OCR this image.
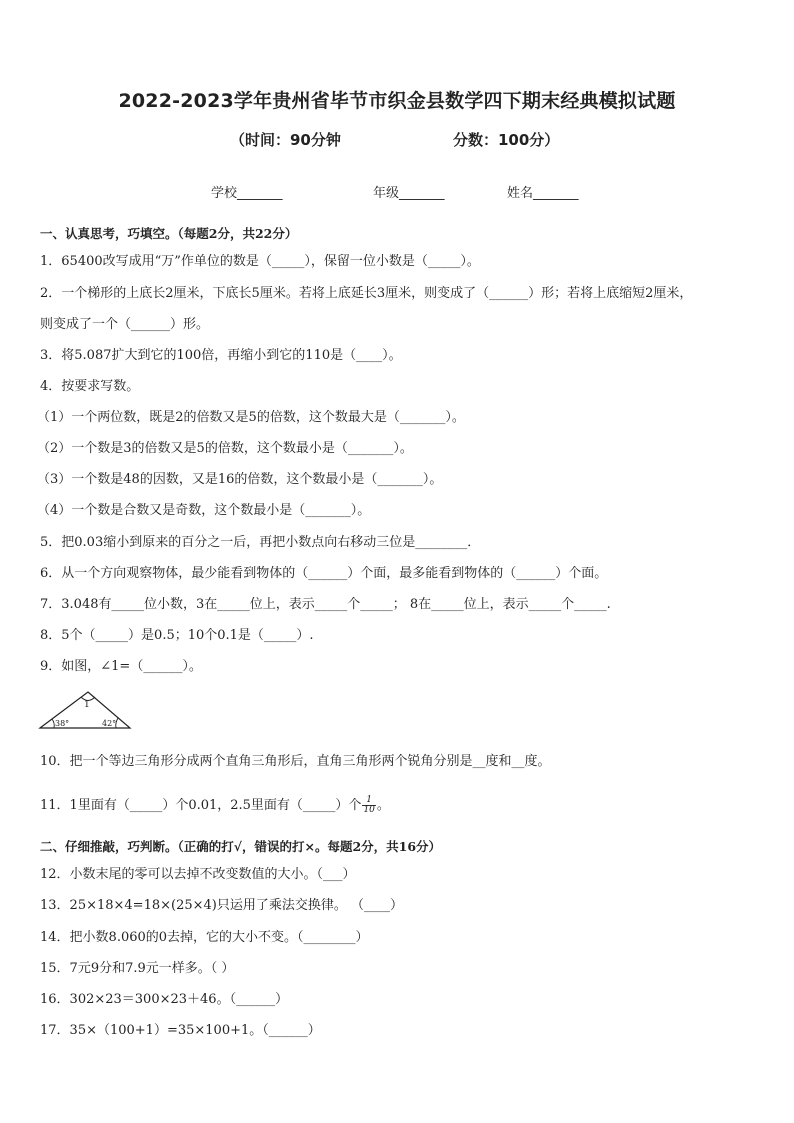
2022-2023学年贵州省毕节市织金县数学四下期末经典模拟试题
（时间：90分钟	分数：100分）
学校_______	年级_______	姓名_______
一、认真思考，巧填空。（每题2分，共22分）
1．65400改写成用“万”作单位的数是（_____），保留一位小数是（_____）。
2．一个梯形的上底长2厘米，下底长5厘米。若将上底延长3厘米，则变成了（______）形；若将上底缩短2厘米，
则变成了一个（______）形。
3．将5.087扩大到它的100倍，再缩小到它的110是（____）。
4．按要求写数。
（1）一个两位数，既是2的倍数又是5的倍数，这个数最大是（_______）。
（2）一个数是3的倍数又是5的倍数，这个数最小是（_______）。
（3）一个数是48的因数，又是16的倍数，这个数最小是（_______）。
（4）一个数是合数又是奇数，这个数最小是（_______）。
5．把0.03缩小到原来的百分之一后，再把小数点向右移动三位是________．
6．从一个方向观察物体，最少能看到物体的（______）个面，最多能看到物体的（______）个面。
7．3.048有_____位小数，3在_____位上，表示_____个_____； 8在_____位上，表示_____个_____.
8．5个（_____）是0.5；10个0.1是（_____）.
9．如图，∠1=（______）。
1
38°	42°
10．把一个等边三角形分成两个直角三角形后，直角三角形两个锐角分别是__度和__度。
11．1里面有（_____）个0.01，2.5里面有（_____）个 $\frac{1}{10}$ 。
二、仔细推敲，巧判断。（正确的打√，错误的打×。每题2分，共16分）
12．小数末尾的零可以去掉不改变数值的大小。（___）
13．25×18×4=18×(25×4)只运用了乘法交换律。 （____）
14．把小数8.060的0去掉，它的大小不变。（________）
15．7元9分和7.9元一样多。（ ）
16．302×23＝300×23＋46。（______）
17．35×（100+1）=35×100+1。（______）
